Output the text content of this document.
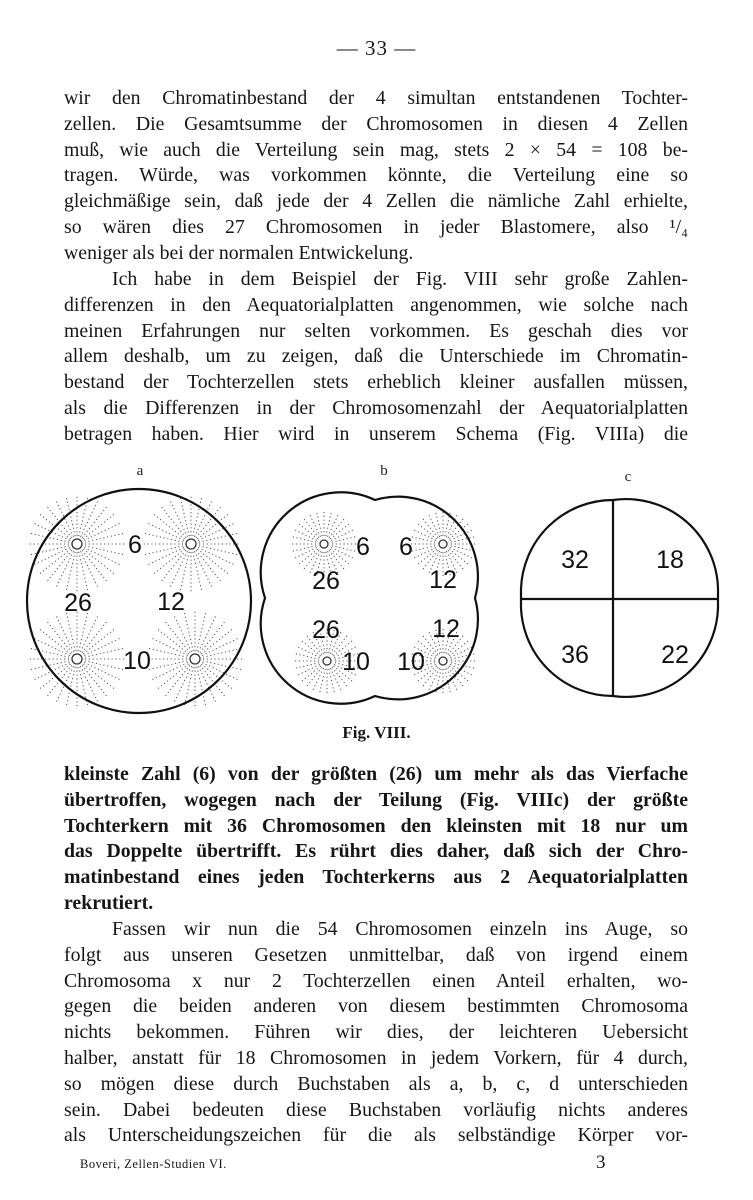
— 33 —
wir den Chromatinbestand der 4 simultan entstandenen Tochter-
zellen. Die Gesamtsumme der Chromosomen in diesen 4 Zellen
muß, wie auch die Verteilung sein mag, stets 2 × 54 = 108 be-
tragen. Würde, was vorkommen könnte, die Verteilung eine so
gleichmäßige sein, daß jede der 4 Zellen die nämliche Zahl erhielte,
so wären dies 27 Chromosomen in jeder Blastomere, also ¹/₄
weniger als bei der normalen Entwickelung.
Ich habe in dem Beispiel der Fig. VIII sehr große Zahlen-
differenzen in den Aequatorialplatten angenommen, wie solche nach
meinen Erfahrungen nur selten vorkommen. Es geschah dies vor
allem deshalb, um zu zeigen, daß die Unterschiede im Chromatin-
bestand der Tochterzellen stets erheblich kleiner ausfallen müssen,
als die Differenzen in der Chromosomenzahl der Aequatorialplatten
betragen haben. Hier wird in unserem Schema (Fig. VIIIa) die
a
6
26	12
10
b
6 6
26	12
26	12
10 10
c
32	18
36	22
Fig. VIII.
kleinste Zahl (6) von der größten (26) um mehr als das Vierfache
übertroffen, wogegen nach der Teilung (Fig. VIIIc) der größte
Tochterkern mit 36 Chromosomen den kleinsten mit 18 nur um
das Doppelte übertrifft. Es rührt dies daher, daß sich der Chro-
matinbestand eines jeden Tochterkerns aus 2 Aequatorialplatten
rekrutiert.
Fassen wir nun die 54 Chromosomen einzeln ins Auge, so
folgt aus unseren Gesetzen unmittelbar, daß von irgend einem
Chromosoma x nur 2 Tochterzellen einen Anteil erhalten, wo-
gegen die beiden anderen von diesem bestimmten Chromosoma
nichts bekommen. Führen wir dies, der leichteren Uebersicht
halber, anstatt für 18 Chromosomen in jedem Vorkern, für 4 durch,
so mögen diese durch Buchstaben als a, b, c, d unterschieden
sein. Dabei bedeuten diese Buchstaben vorläufig nichts anderes
als Unterscheidungszeichen für die als selbständige Körper vor-
Boveri, Zellen-Studien VI.	3
